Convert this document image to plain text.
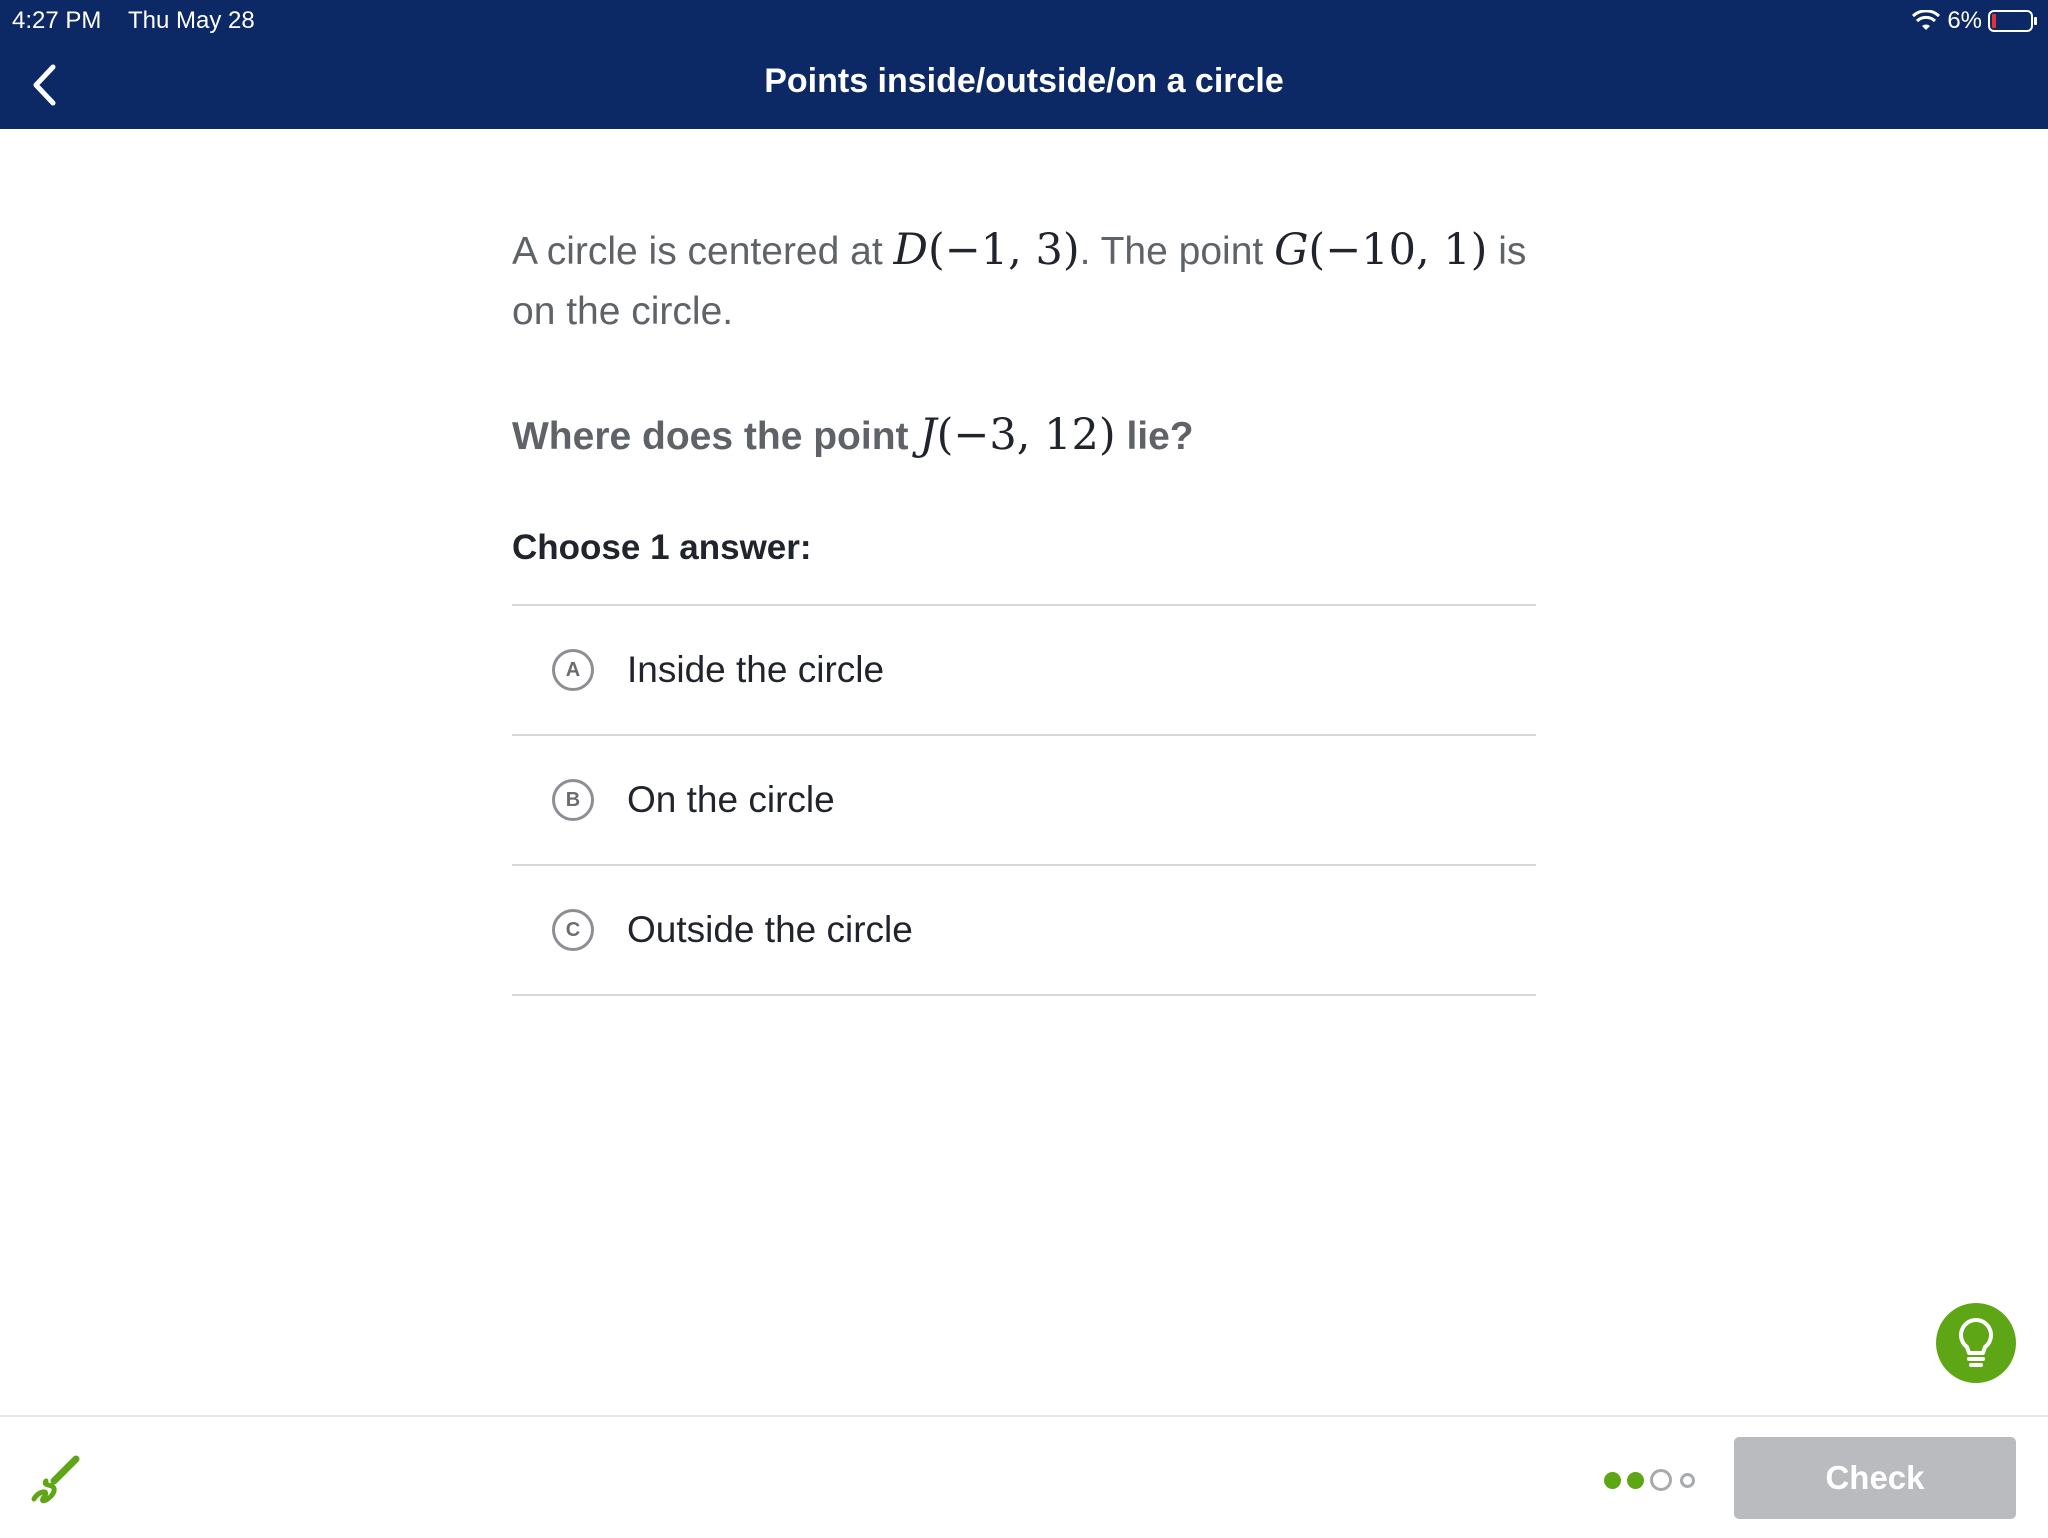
4:27 PM Thu May 28	6%
Points inside/outside/on a circle

A circle is centered at D(−1, 3). The point G(−10, 1) is on the circle.

Where does the point J(−3, 12) lie?
Choose 1 answer:
A	Inside the circle
B	On the circle
C	Outside the circle
Check
